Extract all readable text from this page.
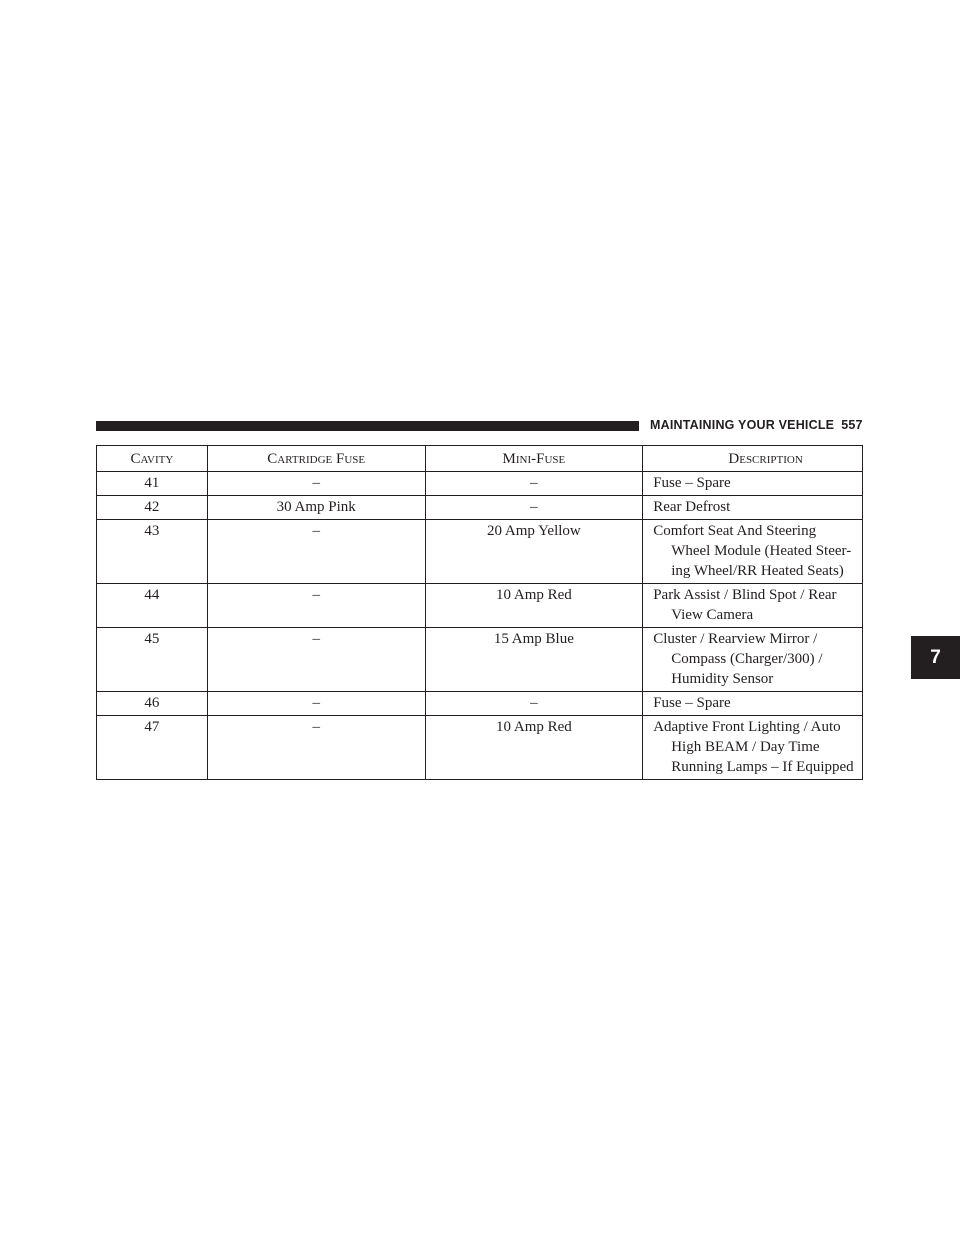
MAINTAINING YOUR VEHICLE 557
7
Cavity	Cartridge Fuse	Mini-Fuse	Description
41	–	–	Fuse – Spare

42	30 Amp Pink	–	Rear Defrost

43	–	20 Amp Yellow	Comfort Seat And Steering Wheel Module (Heated Steer-ing Wheel/RR Heated Seats)

44	–	10 Amp Red	Park Assist / Blind Spot / Rear View Camera

45	–	15 Amp Blue	Cluster / Rearview Mirror / Compass (Charger/300) / Humidity Sensor

46	–	–	Fuse – Spare

47	–	10 Amp Red	Adaptive Front Lighting / Auto High BEAM / Day Time Running Lamps – If Equipped
